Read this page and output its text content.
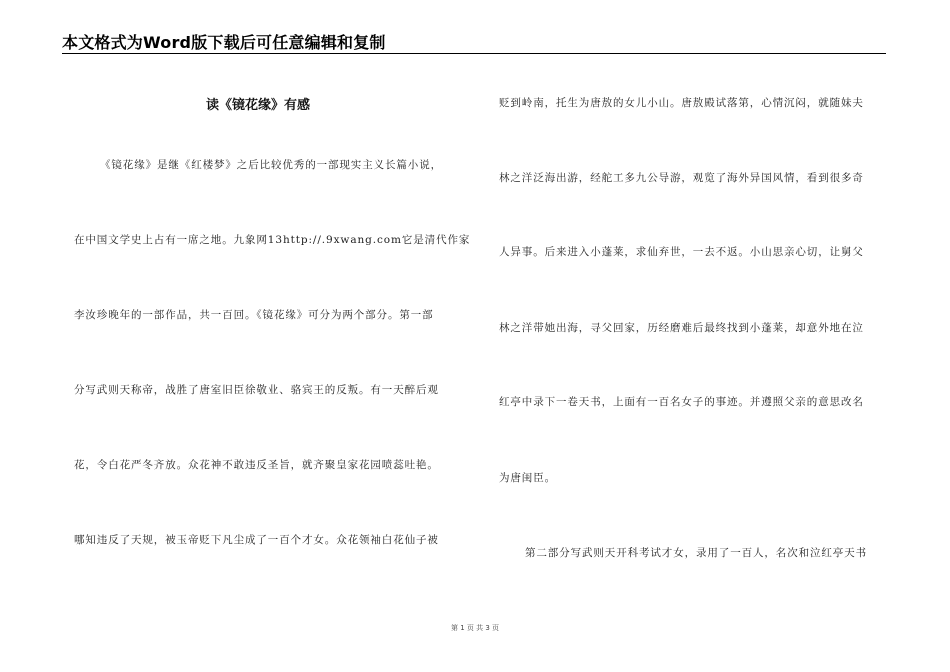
本文格式为Word版下载后可任意编辑和复制
读《镜花缘》有感
《镜花缘》是继《红楼梦》之后比较优秀的一部现实主义长篇小说，
在中国文学史上占有一席之地。九象网13http://.9xwang.com它是清代作家
李汝珍晚年的一部作品，共一百回。《镜花缘》可分为两个部分。第一部
分写武则天称帝，战胜了唐室旧臣徐敬业、骆宾王的反叛。有一天醉后观
花，令白花严冬齐放。众花神不敢违反圣旨，就齐聚皇家花园喷蕊吐艳。
哪知违反了天规，被玉帝贬下凡尘成了一百个才女。众花领袖白花仙子被
贬到岭南，托生为唐敖的女儿小山。唐敖殿试落第，心情沉闷，就随妹夫
林之洋泛海出游，经舵工多九公导游，观览了海外异国风情，看到很多奇
人异事。后来进入小蓬莱，求仙弃世，一去不返。小山思亲心切，让舅父
林之洋带她出海，寻父回家，历经磨难后最终找到小蓬莱，却意外地在泣
红亭中录下一卷天书，上面有一百名女子的事迹。并遵照父亲的意思改名
为唐闺臣。
第二部分写武则天开科考试才女，录用了一百人，名次和泣红亭天书
第 1 页 共 3 页
